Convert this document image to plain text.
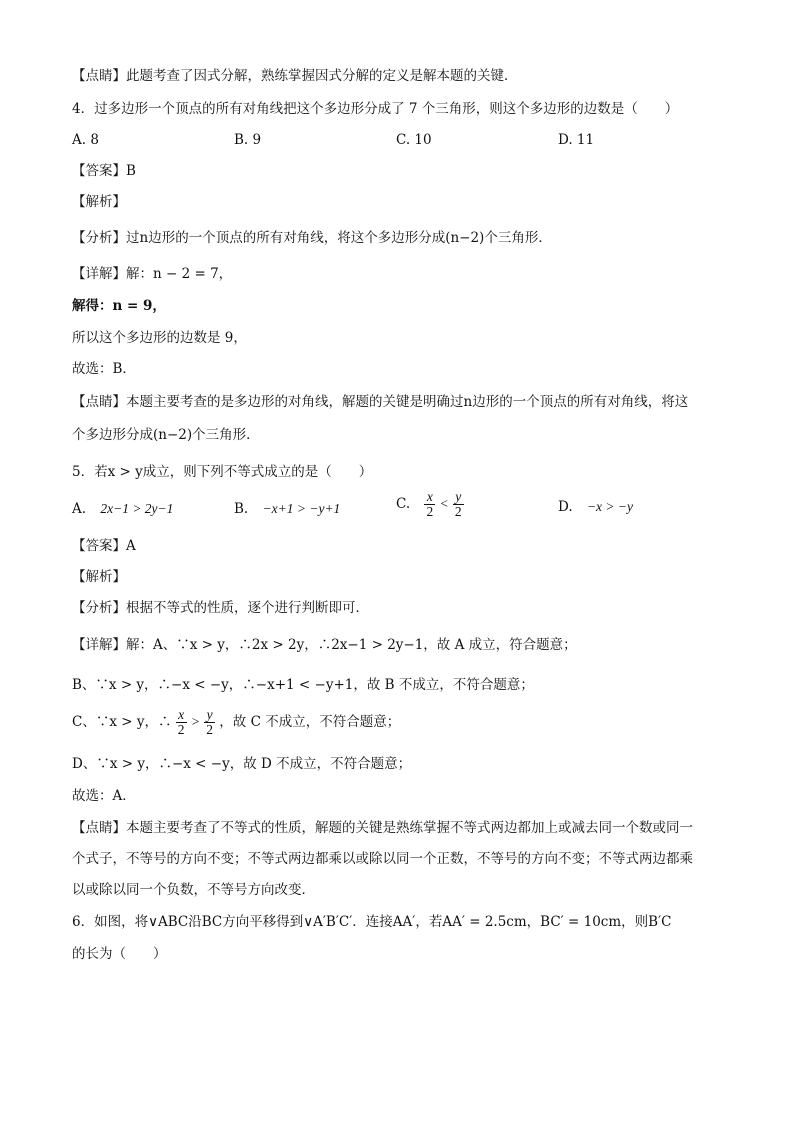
【点睛】此题考查了因式分解，熟练掌握因式分解的定义是解本题的关键．
4．过多边形一个顶点的所有对角线把这个多边形分成了 7 个三角形，则这个多边形的边数是（　　）
A. 8	B. 9	C. 10	D. 11
【答案】B
【解析】
【分析】过n边形的一个顶点的所有对角线，将这个多边形分成(n−2)个三角形．
【详解】解：n − 2 = 7，
解得：n = 9，
所以这个多边形的边数是 9，
故选：B．
【点睛】本题主要考查的是多边形的对角线，解题的关键是明确过n边形的一个顶点的所有对角线，将这
个多边形分成(n−2)个三角形．
5．若x > y成立，则下列不等式成立的是（　　）
A. 2x−1 > 2y−1	B. −x+1 > −y+1	C. $\frac{x}{2} < \frac{y}{2}$	D. −x > −y
【答案】A
【解析】
【分析】根据不等式的性质，逐个进行判断即可．
【详解】解：A、∵x > y，∴2x > 2y，∴2x−1 > 2y−1，故 A 成立，符合题意；
B、∵x > y，∴−x < −y，∴−x+1 < −y+1，故 B 不成立，不符合题意；
C、∵x > y，∴ $\frac{x}{2} > \frac{y}{2}$ ，故 C 不成立，不符合题意；
D、∵x > y，∴−x < −y，故 D 不成立，不符合题意；
故选：A．
【点睛】本题主要考查了不等式的性质，解题的关键是熟练掌握不等式两边都加上或减去同一个数或同一
个式子，不等号的方向不变；不等式两边都乘以或除以同一个正数，不等号的方向不变；不等式两边都乘
以或除以同一个负数，不等号方向改变．
6．如图，将∨ABC沿BC方向平移得到∨A′B′C′．连接AA′，若AA′ = 2.5cm，BC′ = 10cm，则B′C
的长为（　　）
